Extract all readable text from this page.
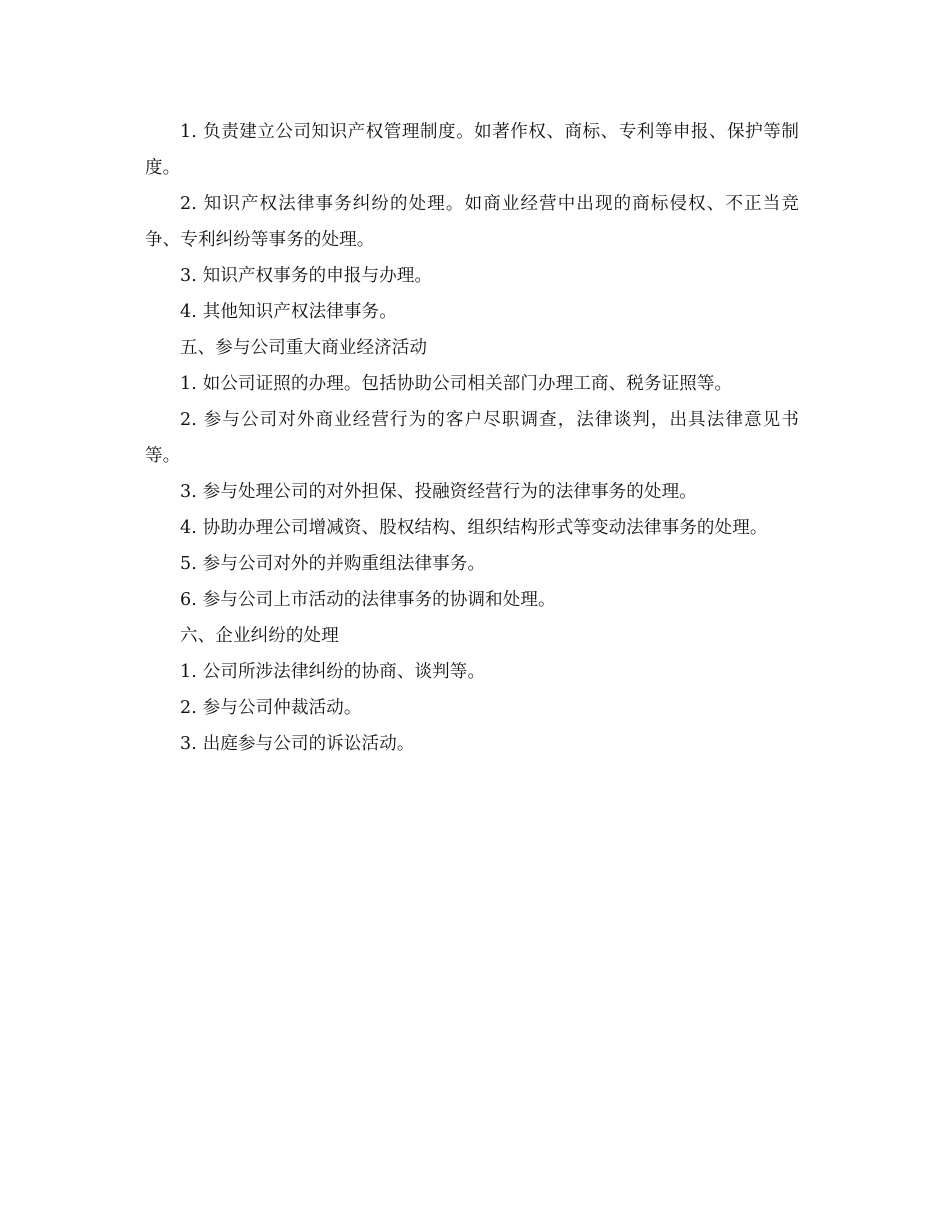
1. 负责建立公司知识产权管理制度。如著作权、商标、专利等申报、保护等制度。

2. 知识产权法律事务纠纷的处理。如商业经营中出现的商标侵权、不正当竞争、专利纠纷等事务的处理。

3. 知识产权事务的申报与办理。

4. 其他知识产权法律事务。

五、参与公司重大商业经济活动

1. 如公司证照的办理。包括协助公司相关部门办理工商、税务证照等。

2. 参与公司对外商业经营行为的客户尽职调查，法律谈判，出具法律意见书等。

3. 参与处理公司的对外担保、投融资经营行为的法律事务的处理。

4. 协助办理公司增减资、股权结构、组织结构形式等变动法律事务的处理。

5. 参与公司对外的并购重组法律事务。

6. 参与公司上市活动的法律事务的协调和处理。

六、企业纠纷的处理

1. 公司所涉法律纠纷的协商、谈判等。

2. 参与公司仲裁活动。

3. 出庭参与公司的诉讼活动。
